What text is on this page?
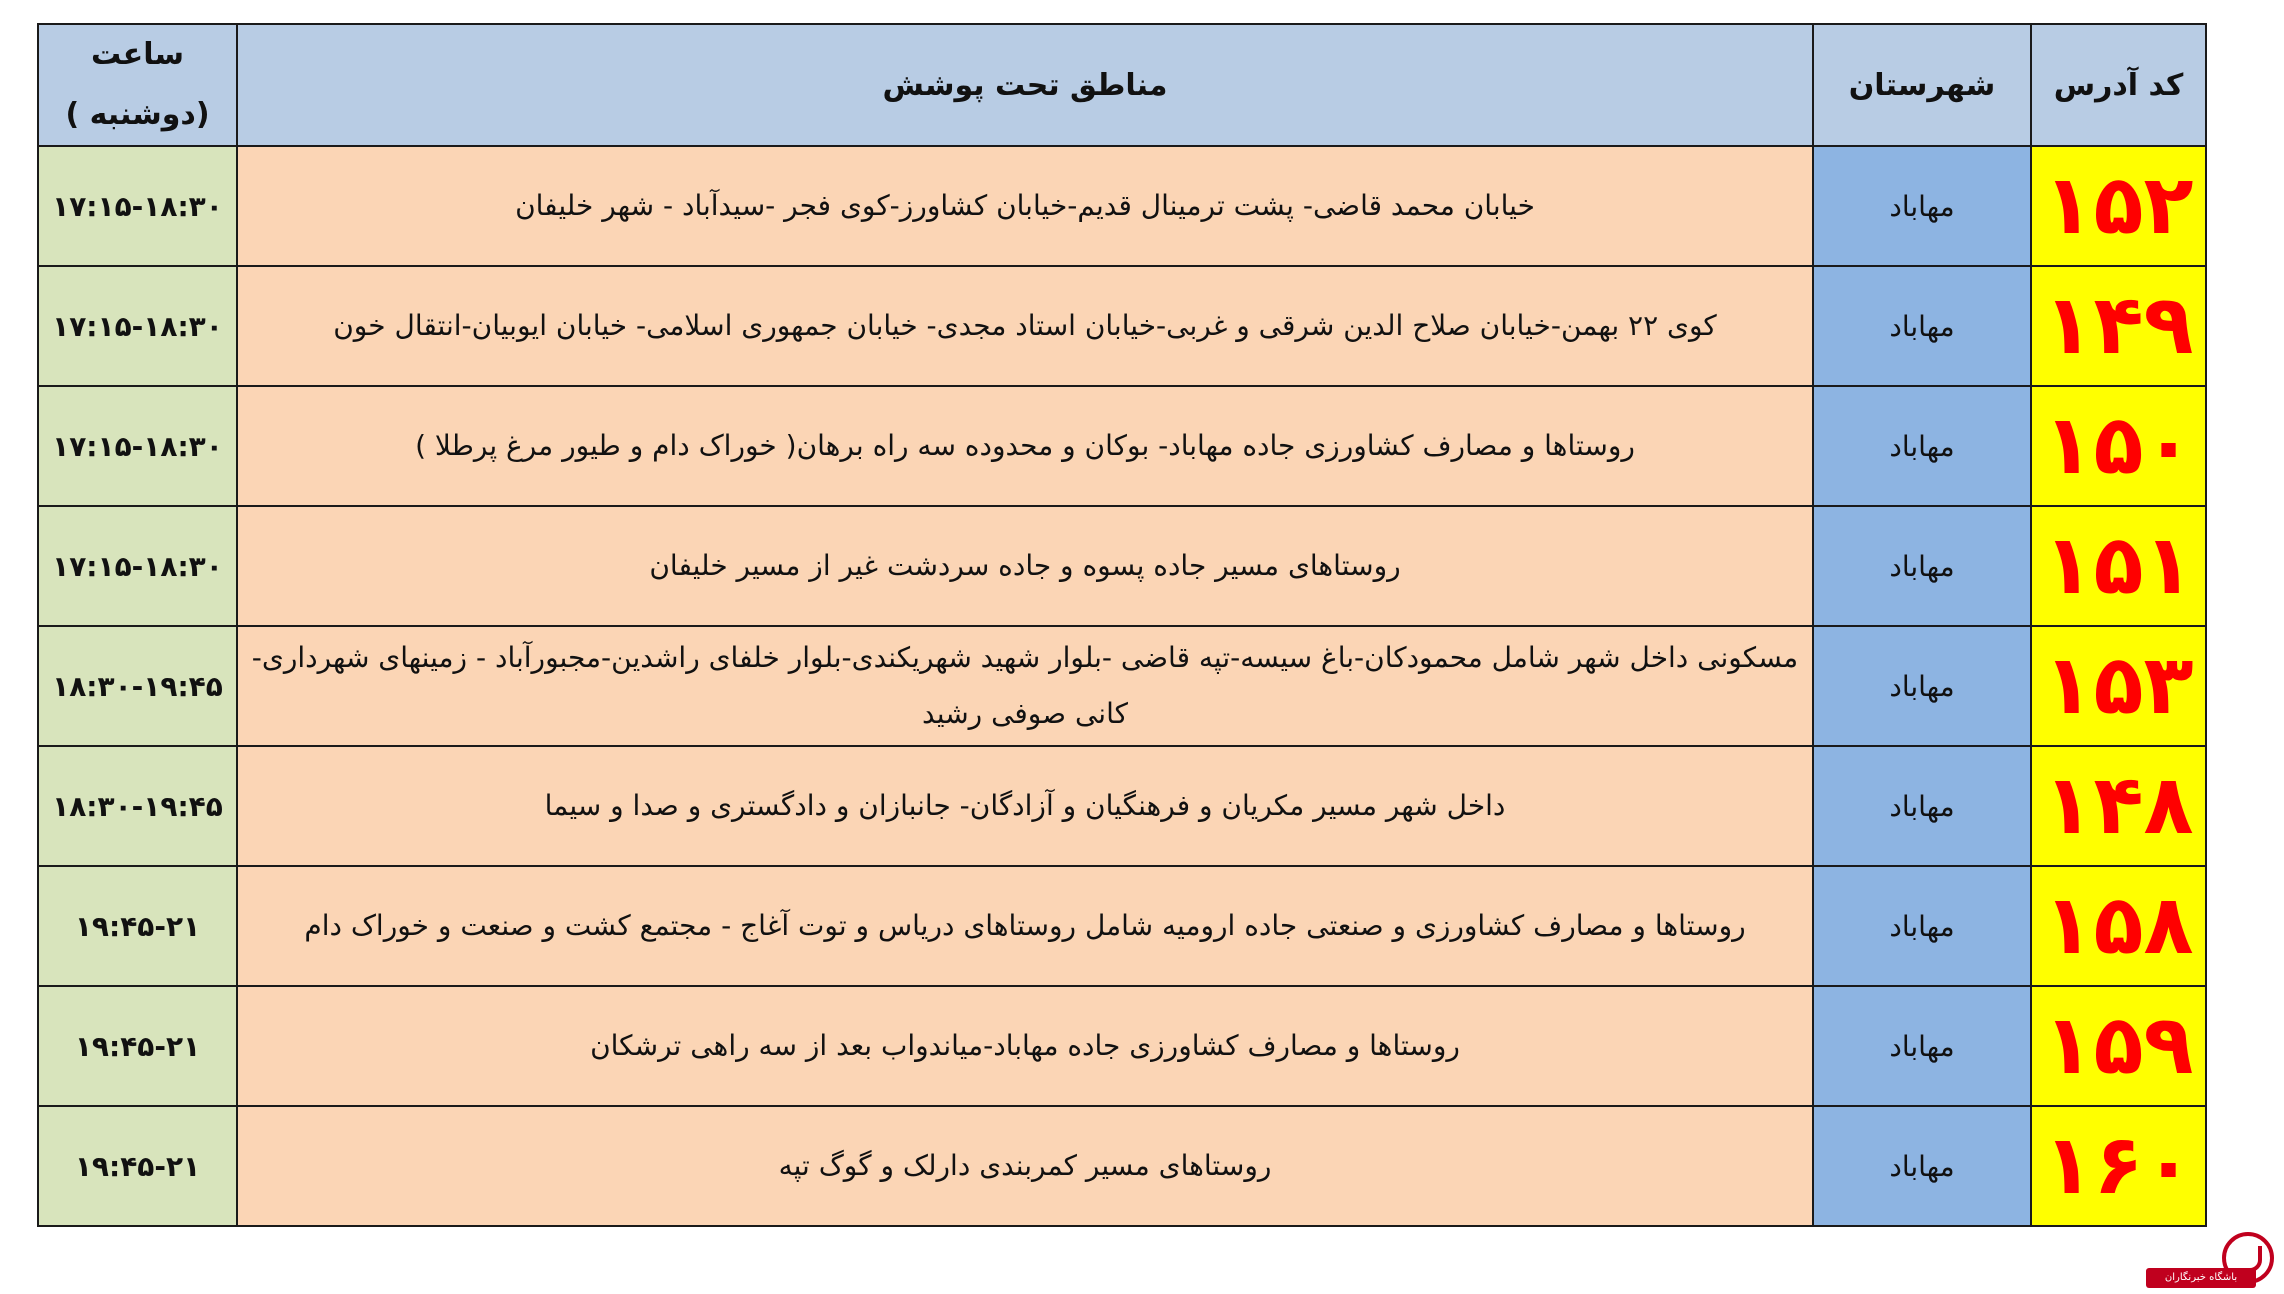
کد آدرس	شهرستان	مناطق تحت پوشش	ساعت
(دوشنبه )

۱۵۲	مهاباد	خیابان محمد قاضی- پشت ترمینال قدیم-خیابان کشاورز-کوی فجر -سیدآباد - شهر خلیفان	۱۷:۱۵-۱۸:۳۰
۱۴۹	مهاباد	کوی ۲۲ بهمن-خیابان صلاح الدین شرقی و غربی-خیابان استاد مجدی- خیابان جمهوری اسلامی- خیابان ایوبیان-انتقال خون	۱۷:۱۵-۱۸:۳۰
۱۵۰	مهاباد	روستاها و مصارف کشاورزی جاده مهاباد- بوکان و محدوده سه راه برهان( خوراک دام و طیور مرغ پرطلا )	۱۷:۱۵-۱۸:۳۰
۱۵۱	مهاباد	روستاهای مسیر جاده پسوه و جاده سردشت غیر از مسیر خلیفان	۱۷:۱۵-۱۸:۳۰
۱۵۳	مهاباد	مسکونی داخل شهر شامل محمودکان-باغ سیسه-تپه قاضی -بلوار شهید شهریکندی-بلوار خلفای راشدین-مجبورآباد - زمینهای شهرداری- کانی صوفی رشید	۱۸:۳۰-۱۹:۴۵
۱۴۸	مهاباد	داخل شهر مسیر مکریان و فرهنگیان و آزادگان- جانبازان و دادگستری و صدا و سیما	۱۸:۳۰-۱۹:۴۵
۱۵۸	مهاباد	روستاها و مصارف کشاورزی و صنعتی جاده ارومیه شامل روستاهای دریاس و توت آغاج - مجتمع کشت و صنعت و خوراک دام	۱۹:۴۵-۲۱
۱۵۹	مهاباد	روستاها و مصارف کشاورزی جاده مهاباد-میاندواب بعد از سه راهی ترشکان	۱۹:۴۵-۲۱
۱۶۰	مهاباد	روستاهای مسیر کمربندی دارلک و گوگ تپه	۱۹:۴۵-۲۱
باشگاه خبرنگاران
